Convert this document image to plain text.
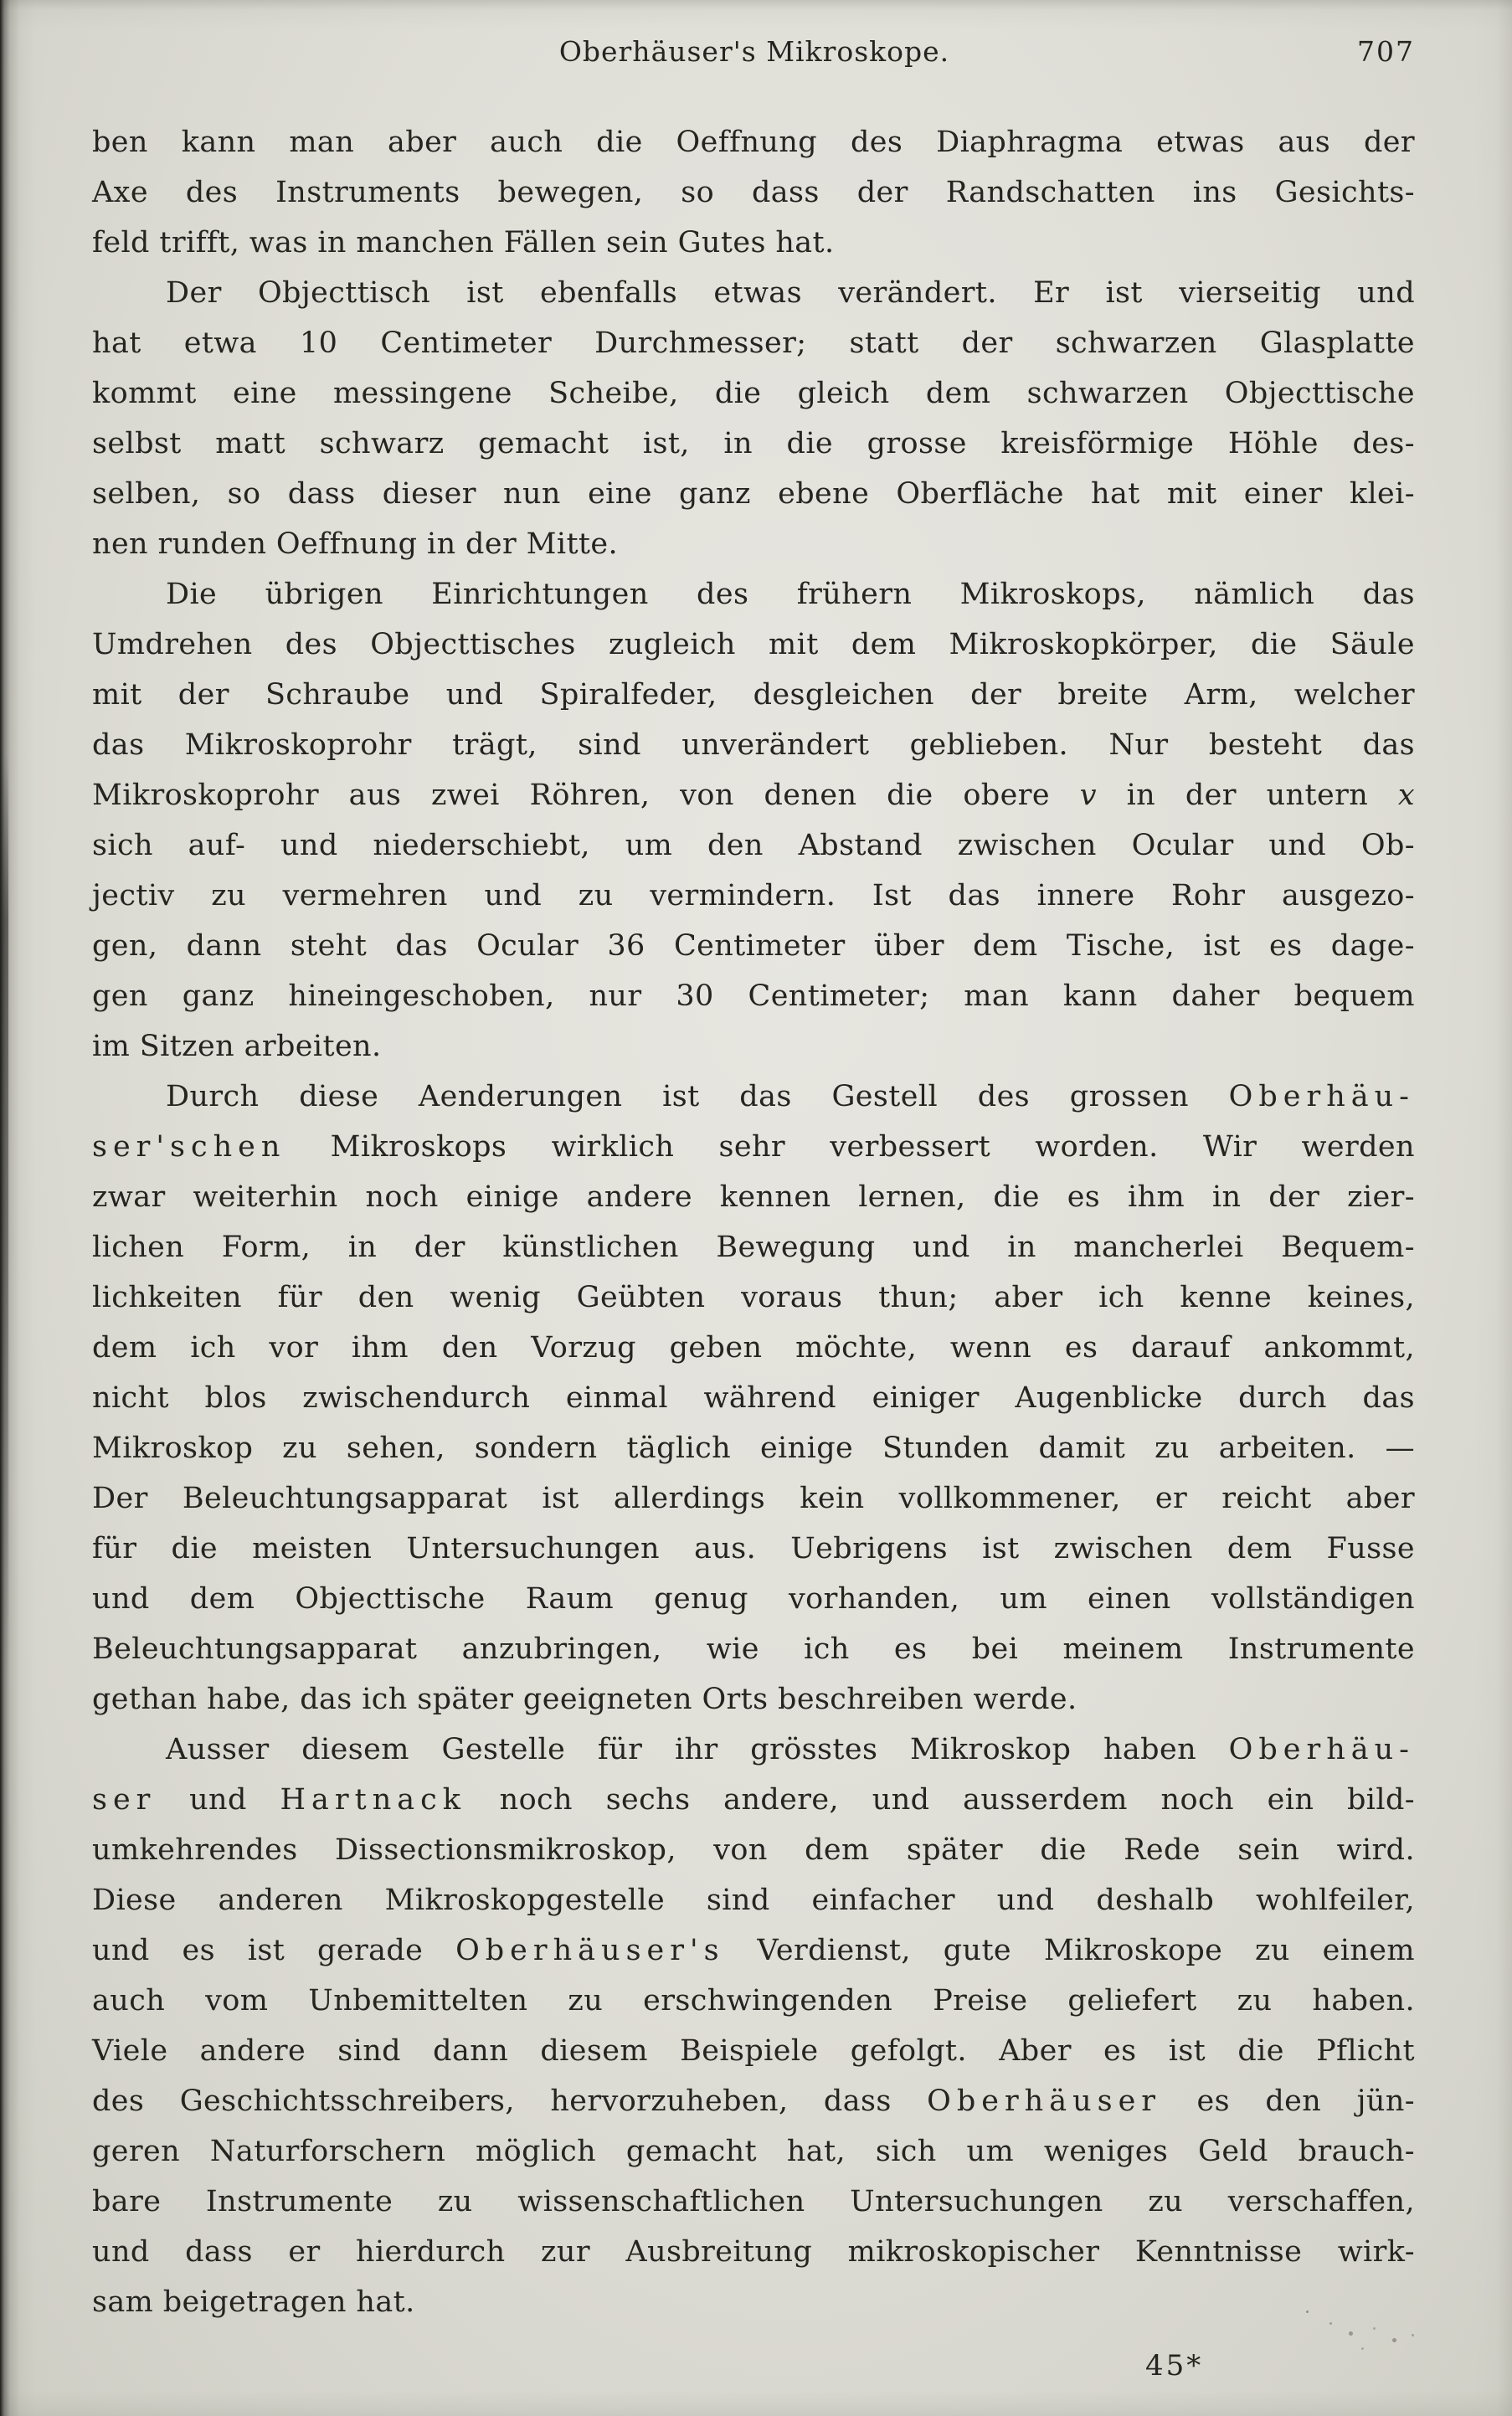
Oberhäuser's Mikroskope.	707
ben kann man aber auch die Oeffnung des Diaphragma etwas aus der
Axe des Instruments bewegen, so dass der Randschatten ins Gesichts-
feld trifft, was in manchen Fällen sein Gutes hat.
Der Objecttisch ist ebenfalls etwas verändert. Er ist vierseitig und
hat etwa 10 Centimeter Durchmesser; statt der schwarzen Glasplatte
kommt eine messingene Scheibe, die gleich dem schwarzen Objecttische
selbst matt schwarz gemacht ist, in die grosse kreisförmige Höhle des-
selben, so dass dieser nun eine ganz ebene Oberfläche hat mit einer klei-
nen runden Oeffnung in der Mitte.
Die übrigen Einrichtungen des frühern Mikroskops, nämlich das
Umdrehen des Objecttisches zugleich mit dem Mikroskopkörper, die Säule
mit der Schraube und Spiralfeder, desgleichen der breite Arm, welcher
das Mikroskoprohr trägt, sind unverändert geblieben. Nur besteht das
Mikroskoprohr aus zwei Röhren, von denen die obere v in der untern x
sich auf- und niederschiebt, um den Abstand zwischen Ocular und Ob-
jectiv zu vermehren und zu vermindern. Ist das innere Rohr ausgezo-
gen, dann steht das Ocular 36 Centimeter über dem Tische, ist es dage-
gen ganz hineingeschoben, nur 30 Centimeter; man kann daher bequem
im Sitzen arbeiten.
Durch diese Aenderungen ist das Gestell des grossen Oberhäu-
ser'schen Mikroskops wirklich sehr verbessert worden. Wir werden
zwar weiterhin noch einige andere kennen lernen, die es ihm in der zier-
lichen Form, in der künstlichen Bewegung und in mancherlei Bequem-
lichkeiten für den wenig Geübten voraus thun; aber ich kenne keines,
dem ich vor ihm den Vorzug geben möchte, wenn es darauf ankommt,
nicht blos zwischendurch einmal während einiger Augenblicke durch das
Mikroskop zu sehen, sondern täglich einige Stunden damit zu arbeiten. —
Der Beleuchtungsapparat ist allerdings kein vollkommener, er reicht aber
für die meisten Untersuchungen aus. Uebrigens ist zwischen dem Fusse
und dem Objecttische Raum genug vorhanden, um einen vollständigen
Beleuchtungsapparat anzubringen, wie ich es bei meinem Instrumente
gethan habe, das ich später geeigneten Orts beschreiben werde.
Ausser diesem Gestelle für ihr grösstes Mikroskop haben Oberhäu-
ser und Hartnack noch sechs andere, und ausserdem noch ein bild-
umkehrendes Dissectionsmikroskop, von dem später die Rede sein wird.
Diese anderen Mikroskopgestelle sind einfacher und deshalb wohlfeiler,
und es ist gerade Oberhäuser's Verdienst, gute Mikroskope zu einem
auch vom Unbemittelten zu erschwingenden Preise geliefert zu haben.
Viele andere sind dann diesem Beispiele gefolgt. Aber es ist die Pflicht
des Geschichtsschreibers, hervorzuheben, dass Oberhäuser es den jün-
geren Naturforschern möglich gemacht hat, sich um weniges Geld brauch-
bare Instrumente zu wissenschaftlichen Untersuchungen zu verschaffen,
und dass er hierdurch zur Ausbreitung mikroskopischer Kenntnisse wirk-
sam beigetragen hat.
45*
